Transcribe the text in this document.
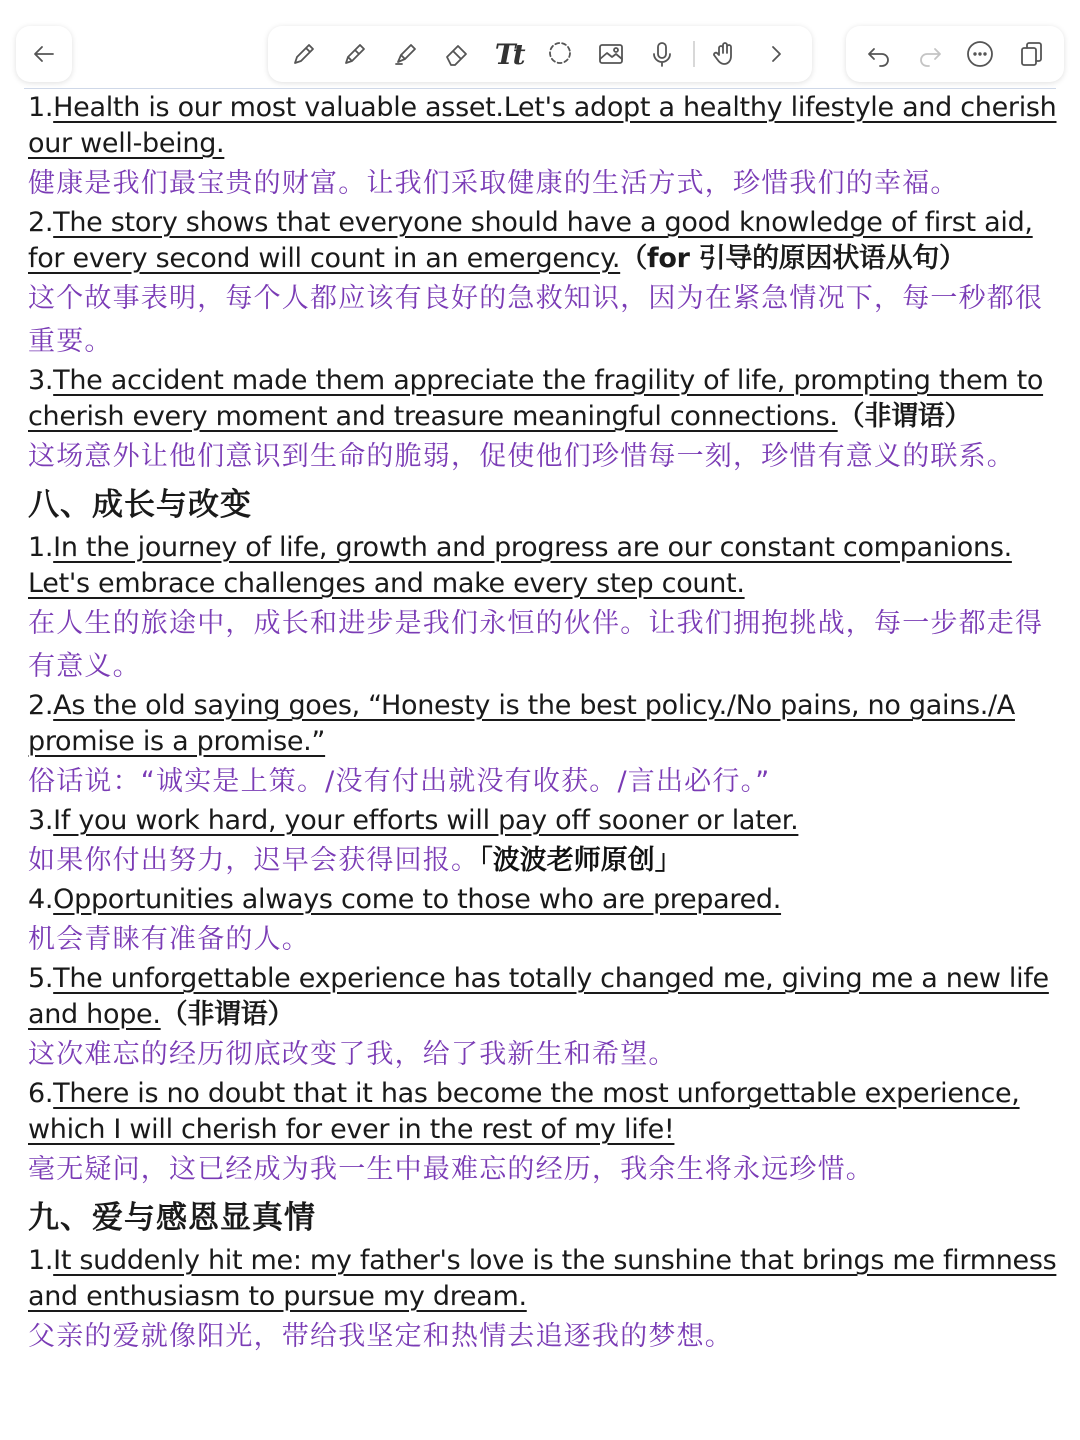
Tt
1.Health is our most valuable asset.Let's adopt a healthy lifestyle and cherish our well-being.
健康是我们最宝贵的财富。让我们采取健康的生活方式，珍惜我们的幸福。
2.The story shows that everyone should have a good knowledge of first aid, for every second will count in an emergency.（for 引导的原因状语从句）
这个故事表明，每个人都应该有良好的急救知识，因为在紧急情况下，每一秒都很重要。
3.The accident made them appreciate the fragility of life, prompting them to cherish every moment and treasure meaningful connections.（非谓语）
这场意外让他们意识到生命的脆弱，促使他们珍惜每一刻，珍惜有意义的联系。
八、成长与改变
1.In the journey of life, growth and progress are our constant companions. Let's embrace challenges and make every step count.
在人生的旅途中，成长和进步是我们永恒的伙伴。让我们拥抱挑战，每一步都走得有意义。
2.As the old saying goes, “Honesty is the best policy./No pains, no gains./A promise is a promise.”
俗话说：“诚实是上策。/没有付出就没有收获。/言出必行。”
3.If you work hard, your efforts will pay off sooner or later.
如果你付出努力，迟早会获得回报。「波波老师原创」
4.Opportunities always come to those who are prepared.
机会青睐有准备的人。
5.The unforgettable experience has totally changed me, giving me a new life and hope.（非谓语）
这次难忘的经历彻底改变了我，给了我新生和希望。
6.There is no doubt that it has become the most unforgettable experience, which I will cherish for ever in the rest of my life!
毫无疑问，这已经成为我一生中最难忘的经历，我余生将永远珍惜。
九、爱与感恩显真情
1.It suddenly hit me: my father's love is the sunshine that brings me firmness and enthusiasm to pursue my dream.
父亲的爱就像阳光，带给我坚定和热情去追逐我的梦想。
